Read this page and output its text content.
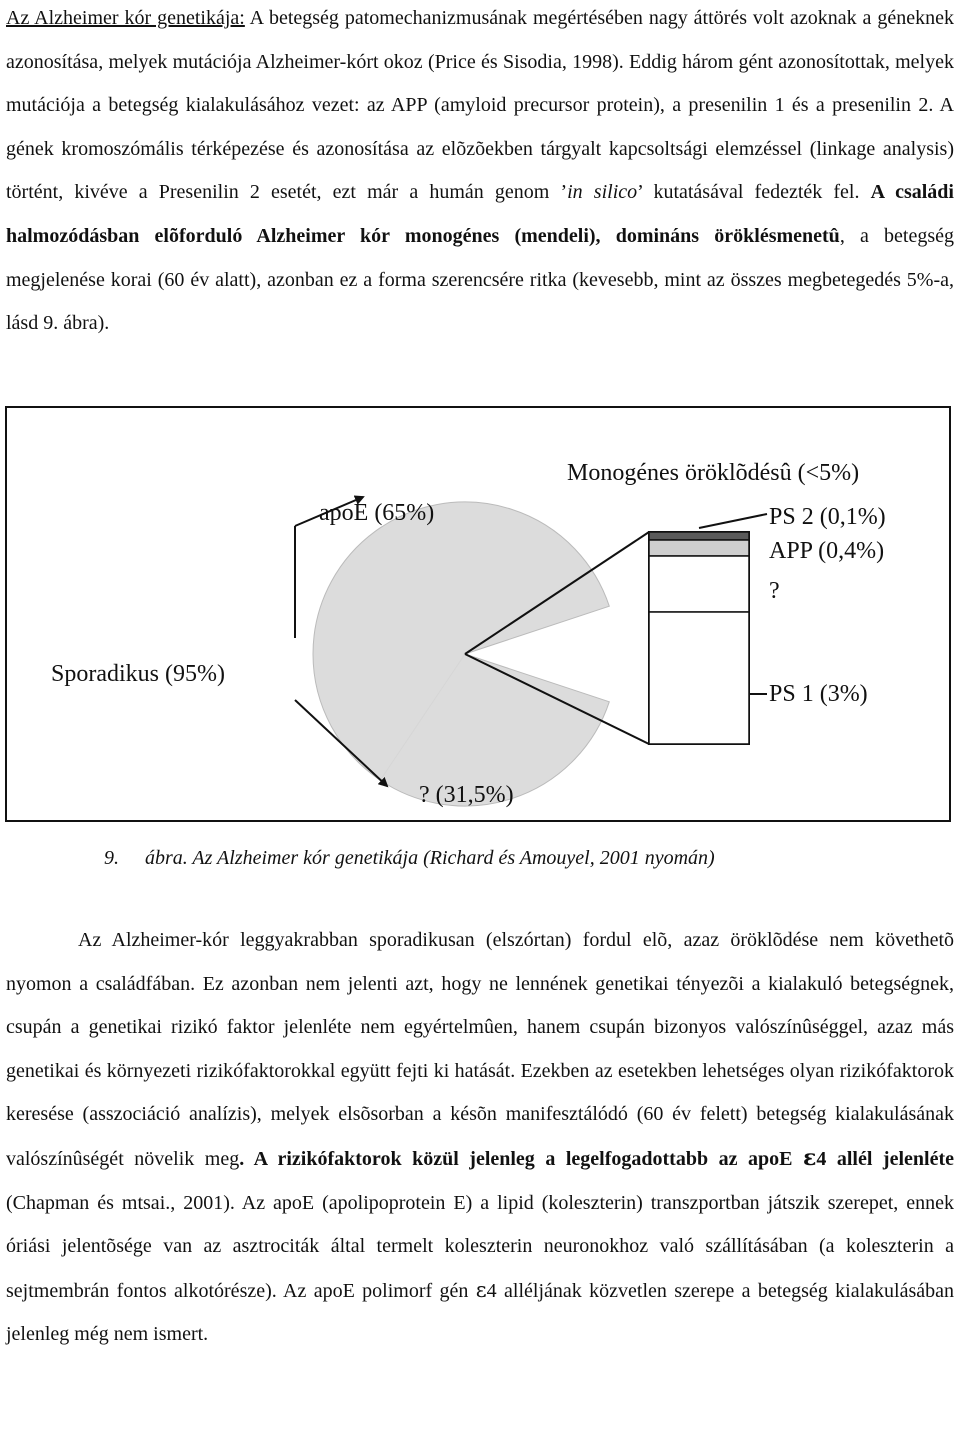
Az Alzheimer kór genetikája: A betegség patomechanizmusának megértésében nagy áttörés volt azoknak a géneknek azonosítása, melyek mutációja Alzheimer-kórt okoz (Price és Sisodia, 1998). Eddig három gént azonosítottak, melyek mutációja a betegség kialakulásához vezet: az APP (amyloid precursor protein), a presenilin 1 és a presenilin 2. A gének kromoszómális térképezése és azonosítása az elõzõekben tárgyalt kapcsoltsági elemzéssel (linkage analysis) történt, kivéve a Presenilin 2 esetét, ezt már a humán genom ’in silico’ kutatásával fedezték fel. A családi halmozódásban elõforduló Alzheimer kór monogénes (mendeli), domináns öröklésmenetû, a betegség megjelenése korai (60 év alatt), azonban ez a forma szerencsére ritka (kevesebb, mint az összes megbetegedés 5%-a, lásd 9. ábra).
Monogénes öröklõdésû (<5%)
apoE (65%)	PS 2 (0,1%)
APP (0,4%)
?
Sporadikus (95%)
PS 1 (3%)
? (31,5%)
9. ábra. Az Alzheimer kór genetikája (Richard és Amouyel, 2001 nyomán)
Az Alzheimer-kór leggyakrabban sporadikusan (elszórtan) fordul elõ, azaz öröklõdése nem követhetõ nyomon a családfában. Ez azonban nem jelenti azt, hogy ne lennének genetikai tényezõi a kialakuló betegségnek, csupán a genetikai rizikó faktor jelenléte nem egyértelmûen, hanem csupán bizonyos valószínûséggel, azaz más genetikai és környezeti rizikófaktorokkal együtt fejti ki hatását. Ezekben az esetekben lehetséges olyan rizikófaktorok keresése (asszociáció analízis), melyek elsõsorban a késõn manifesztálódó (60 év felett) betegség kialakulásának valószínûségét növelik meg. A rizikófaktorok közül jelenleg a legelfogadottabb az apoE ε4 allél jelenléte (Chapman és mtsai., 2001). Az apoE (apolipoprotein E) a lipid (koleszterin) transzportban játszik szerepet, ennek óriási jelentõsége van az asztrociták által termelt koleszterin neuronokhoz való szállításában (a koleszterin a sejtmembrán fontos alkotórésze). Az apoE polimorf gén ε4 alléljának közvetlen szerepe a betegség kialakulásában jelenleg még nem ismert.
